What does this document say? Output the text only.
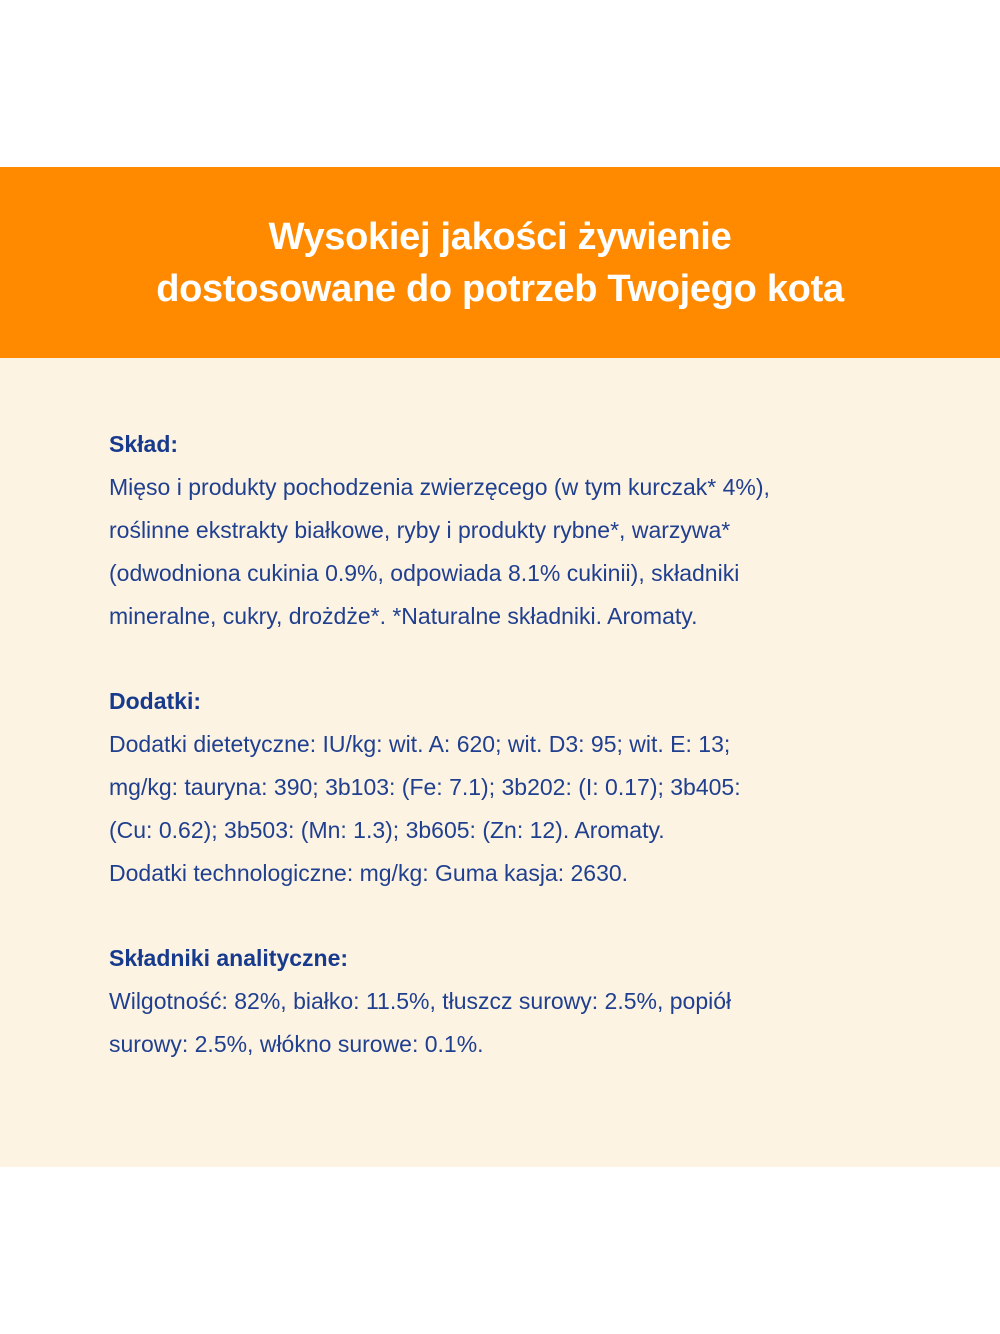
Wysokiej jakości żywienie
dostosowane do potrzeb Twojego kota
Skład:
Mięso i produkty pochodzenia zwierzęcego (w tym kurczak* 4%),
roślinne ekstrakty białkowe, ryby i produkty rybne*, warzywa*
(odwodniona cukinia 0.9%, odpowiada 8.1% cukinii), składniki
mineralne, cukry, drożdże*. *Naturalne składniki. Aromaty.
Dodatki:
Dodatki dietetyczne: IU/kg: wit. A: 620; wit. D3: 95; wit. E: 13;
mg/kg: tauryna: 390; 3b103: (Fe: 7.1); 3b202: (I: 0.17); 3b405:
(Cu: 0.62); 3b503: (Mn: 1.3); 3b605: (Zn: 12). Aromaty.
Dodatki technologiczne: mg/kg: Guma kasja: 2630.
Składniki analityczne:
Wilgotność: 82%, białko: 11.5%, tłuszcz surowy: 2.5%, popiół
surowy: 2.5%, włókno surowe: 0.1%.
